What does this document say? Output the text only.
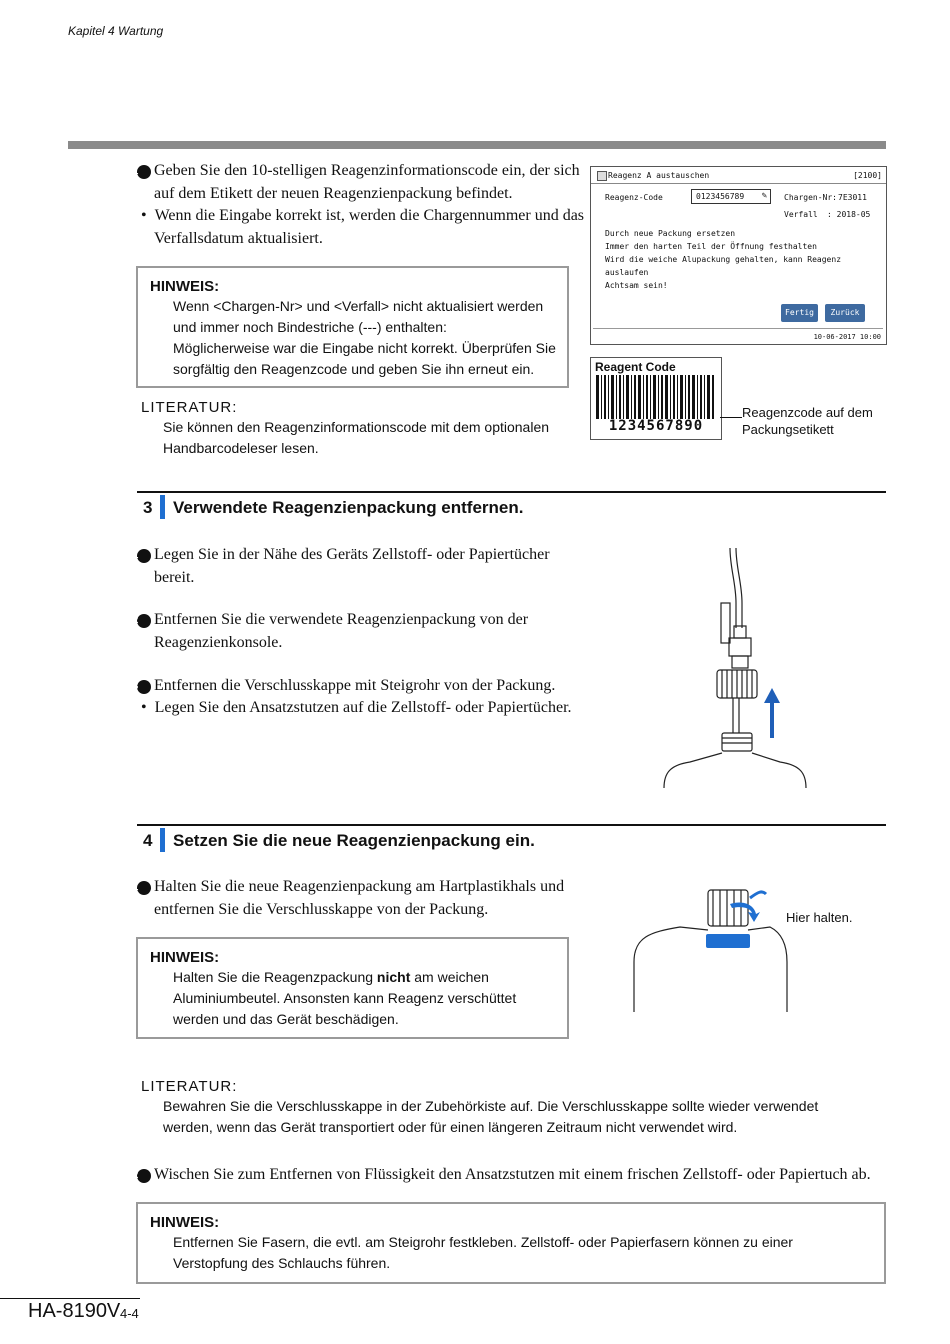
Kapitel 4 Wartung
1 Geben Sie den 10-stelligen Reagenzinformationscode ein, der sich auf dem Etikett der neuen Reagenzienpackung befindet.
•  Wenn die Eingabe korrekt ist, werden die Chargennummer und das Verfallsdatum aktualisiert.
HINWEIS:
Wenn <Chargen-Nr> und <Verfall> nicht aktualisiert werden und immer noch Bindestriche (---) enthalten:
Möglicherweise war die Eingabe nicht korrekt. Überprüfen Sie sorgfältig den Reagenzcode und geben Sie ihn erneut ein.
LITERATUR:
Sie können den Reagenzinformationscode mit dem optionalen Handbarcodeleser lesen.
Reagenz A austauschen	[2100]
Reagenz-Code	0123456789 ✎ Chargen-Nr: 7E3011
Verfall : 2018-05
Durch neue Packung ersetzen
Immer den harten Teil der Öffnung festhalten
Wird die weiche Alupackung gehalten, kann Reagenz auslaufen
Achtsam sein!
Fertig	Zurück
10-06-2017 10:00
Reagent Code
1234567890
Reagenzcode auf dem Packungsetikett
3 Verwendete Reagenzienpackung entfernen.
1 Legen Sie in der Nähe des Geräts Zellstoff- oder Papiertücher bereit.
2 Entfernen Sie die verwendete Reagenzienpackung von der Reagenzienkonsole.
3 Entfernen die Verschlusskappe mit Steigrohr von der Packung.
•  Legen Sie den Ansatzstutzen auf die Zellstoff- oder Papiertücher.
4 Setzen Sie die neue Reagenzienpackung ein.
1 Halten Sie die neue Reagenzienpackung am Hartplastikhals und entfernen Sie die Verschlusskappe von der Packung.	Hier halten.
HINWEIS:
Halten Sie die Reagenzpackung nicht am weichen Aluminiumbeutel. Ansonsten kann Reagenz verschüttet werden und das Gerät beschädigen.
LITERATUR:
Bewahren Sie die Verschlusskappe in der Zubehörkiste auf. Die Verschlusskappe sollte wieder verwendet werden, wenn das Gerät transportiert oder für einen längeren Zeitraum nicht verwendet wird.
2 Wischen Sie zum Entfernen von Flüssigkeit den Ansatzstutzen mit einem frischen Zellstoff- oder Papiertuch ab.
HINWEIS:
Entfernen Sie Fasern, die evtl. am Steigrohr festkleben. Zellstoff- oder Papierfasern können zu einer Verstopfung des Schlauchs führen.
HA-8190V 4-4
